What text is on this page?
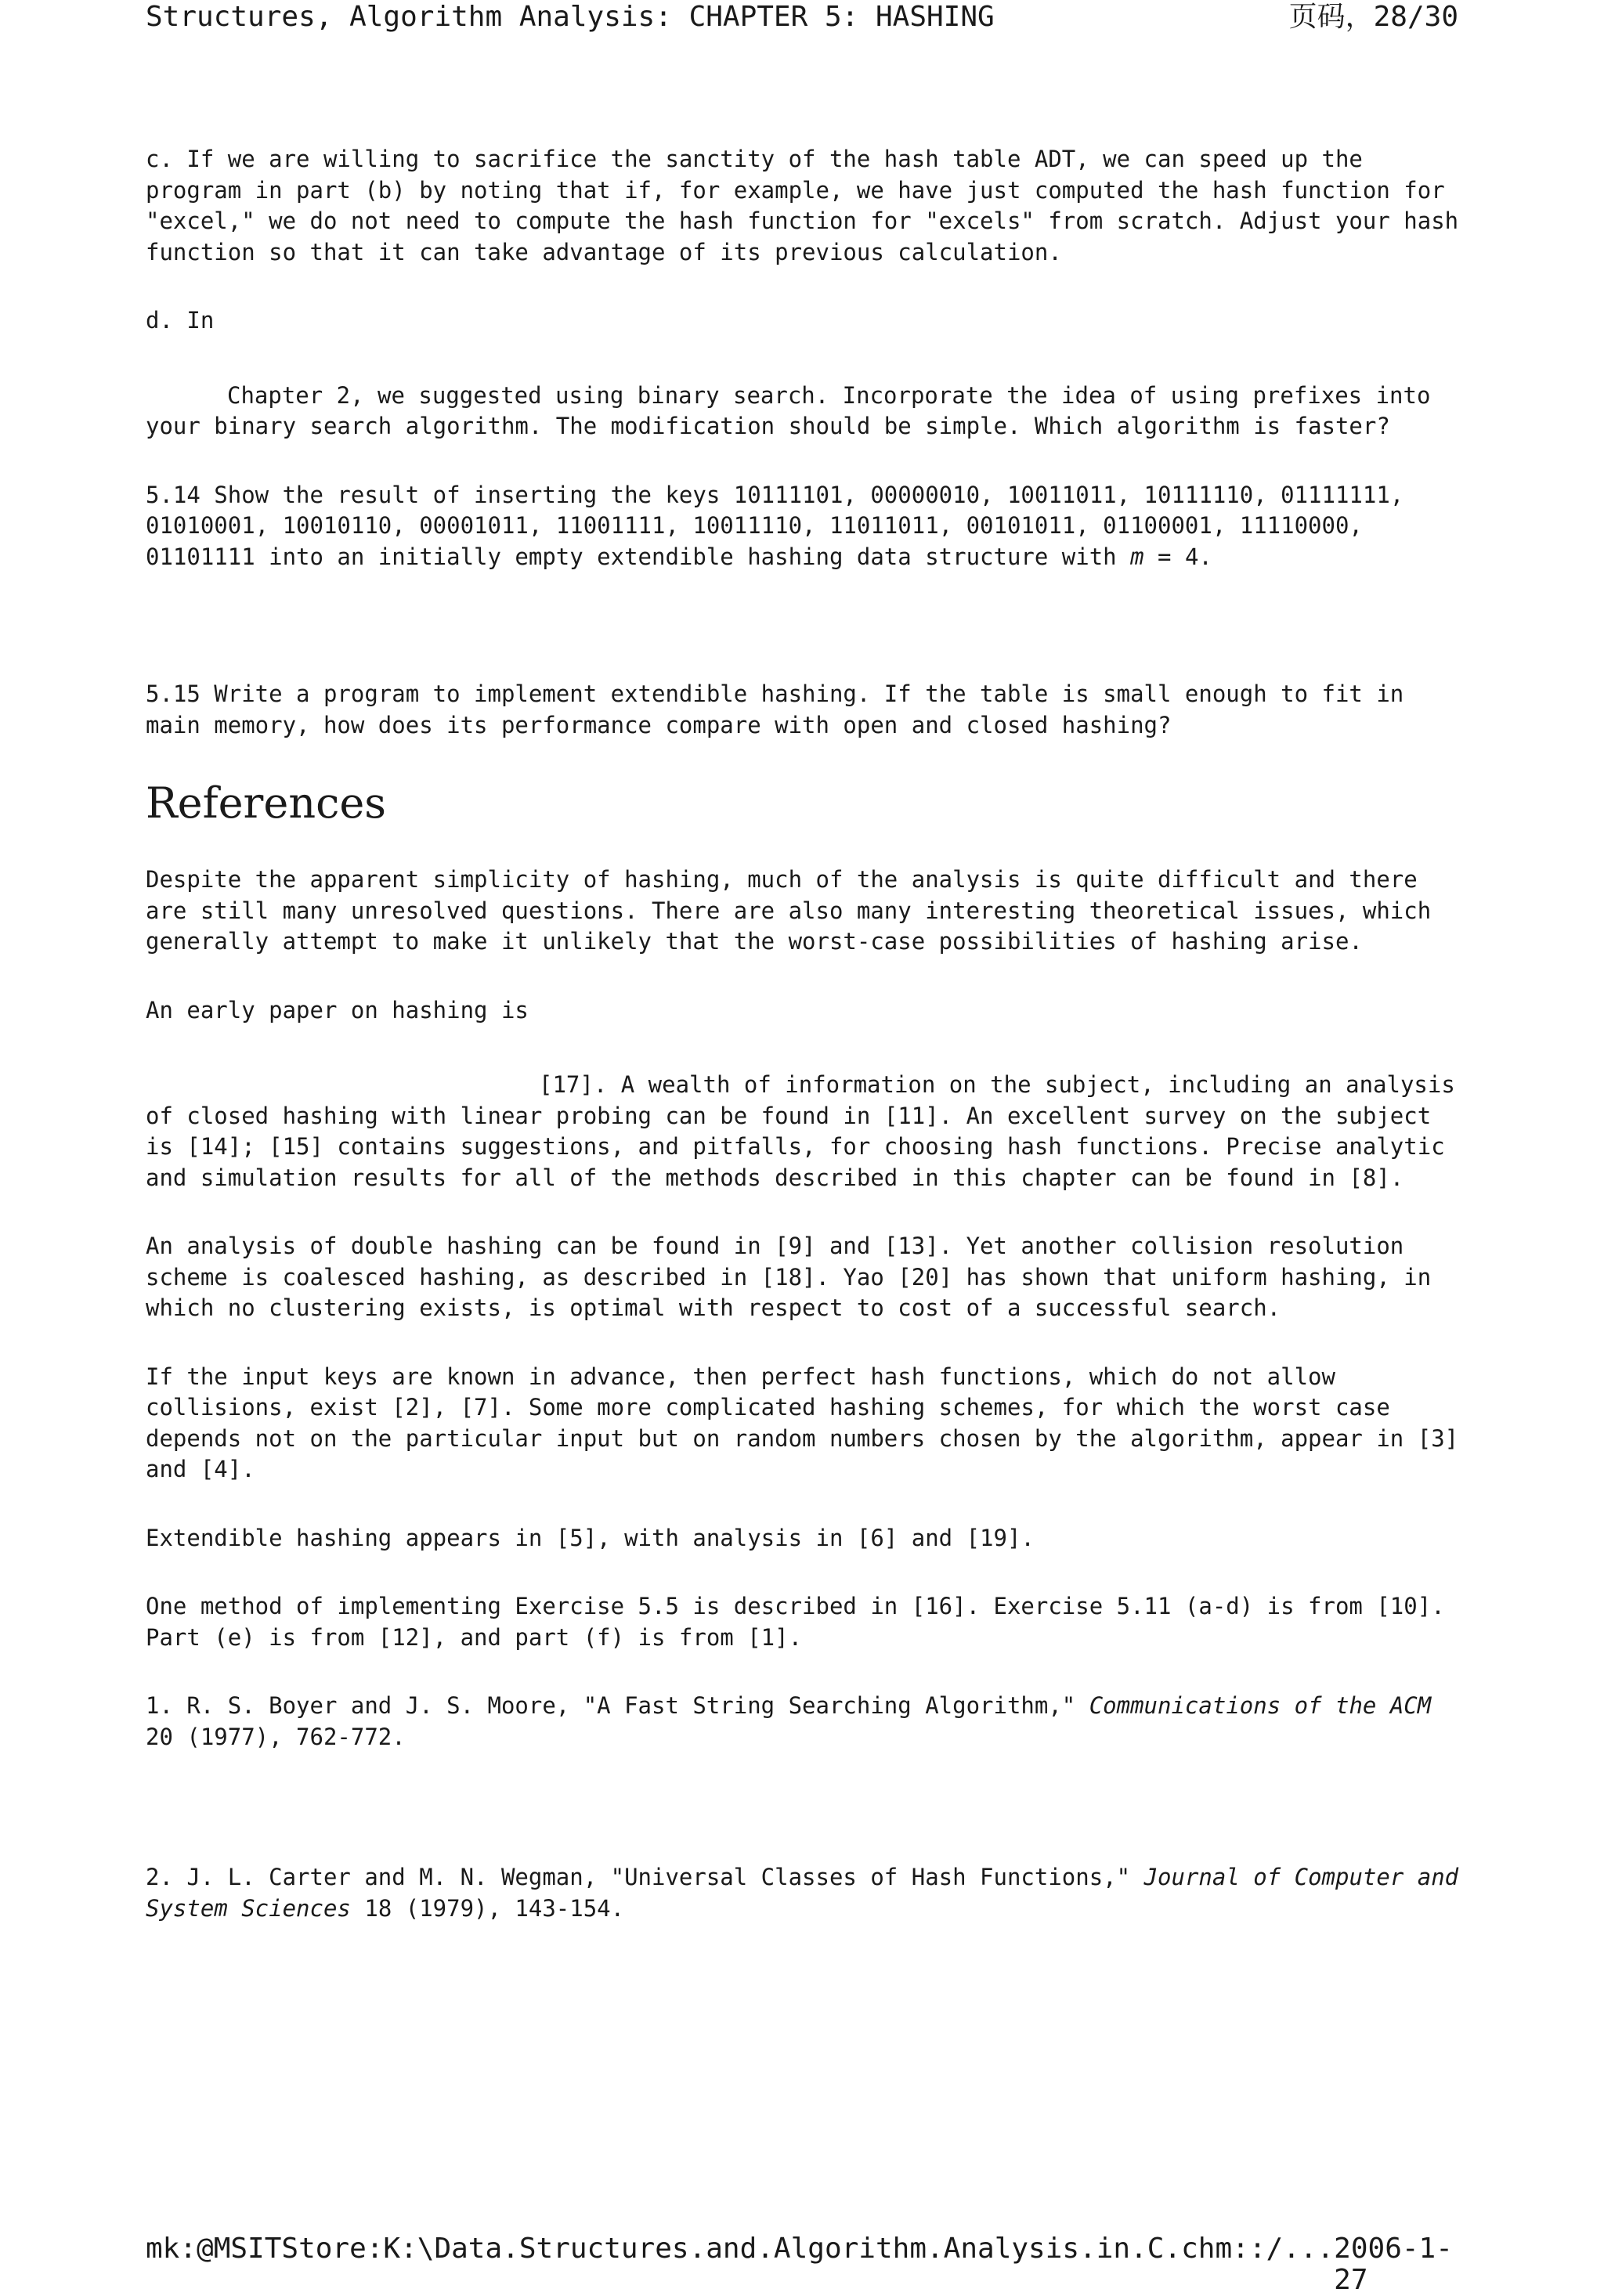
Structures, Algorithm Analysis: CHAPTER 5: HASHING	页码，28/30

c. If we are willing to sacrifice the sanctity of the hash table ADT, we can speed up the program in part (b) by noting that if, for example, we have just computed the hash function for "excel," we do not need to compute the hash function for "excels" from scratch. Adjust your hash function so that it can take advantage of its previous calculation.

d. In

Chapter 2, we suggested using binary search. Incorporate the idea of using prefixes into your binary search algorithm. The modification should be simple. Which algorithm is faster?

5.14 Show the result of inserting the keys 10111101, 00000010, 10011011, 10111110, 01111111, 01010001, 10010110, 00001011, 11001111, 10011110, 11011011, 00101011, 01100001, 11110000, 01101111 into an initially empty extendible hashing data structure with m = 4.

5.15 Write a program to implement extendible hashing. If the table is small enough to fit in main memory, how does its performance compare with open and closed hashing?

References

Despite the apparent simplicity of hashing, much of the analysis is quite difficult and there are still many unresolved questions. There are also many interesting theoretical issues, which generally attempt to make it unlikely that the worst-case possibilities of hashing arise.

An early paper on hashing is

[17]. A wealth of information on the subject, including an analysis of closed hashing with linear probing can be found in [11]. An excellent survey on the subject is [14]; [15] contains suggestions, and pitfalls, for choosing hash functions. Precise analytic and simulation results for all of the methods described in this chapter can be found in [8].

An analysis of double hashing can be found in [9] and [13]. Yet another collision resolution scheme is coalesced hashing, as described in [18]. Yao [20] has shown that uniform hashing, in which no clustering exists, is optimal with respect to cost of a successful search.

If the input keys are known in advance, then perfect hash functions, which do not allow collisions, exist [2], [7]. Some more complicated hashing schemes, for which the worst case depends not on the particular input but on random numbers chosen by the algorithm, appear in [3] and [4].

Extendible hashing appears in [5], with analysis in [6] and [19].

One method of implementing Exercise 5.5 is described in [16]. Exercise 5.11 (a-d) is from [10]. Part (e) is from [12], and part (f) is from [1].

1. R. S. Boyer and J. S. Moore, "A Fast String Searching Algorithm," Communications of the ACM 20 (1977), 762-772.

2. J. L. Carter and M. N. Wegman, "Universal Classes of Hash Functions," Journal of Computer and System Sciences 18 (1979), 143-154.

mk:@MSITStore:K:\Data.Structures.and.Algorithm.Analysis.in.C.chm::/... 2006-1-27
